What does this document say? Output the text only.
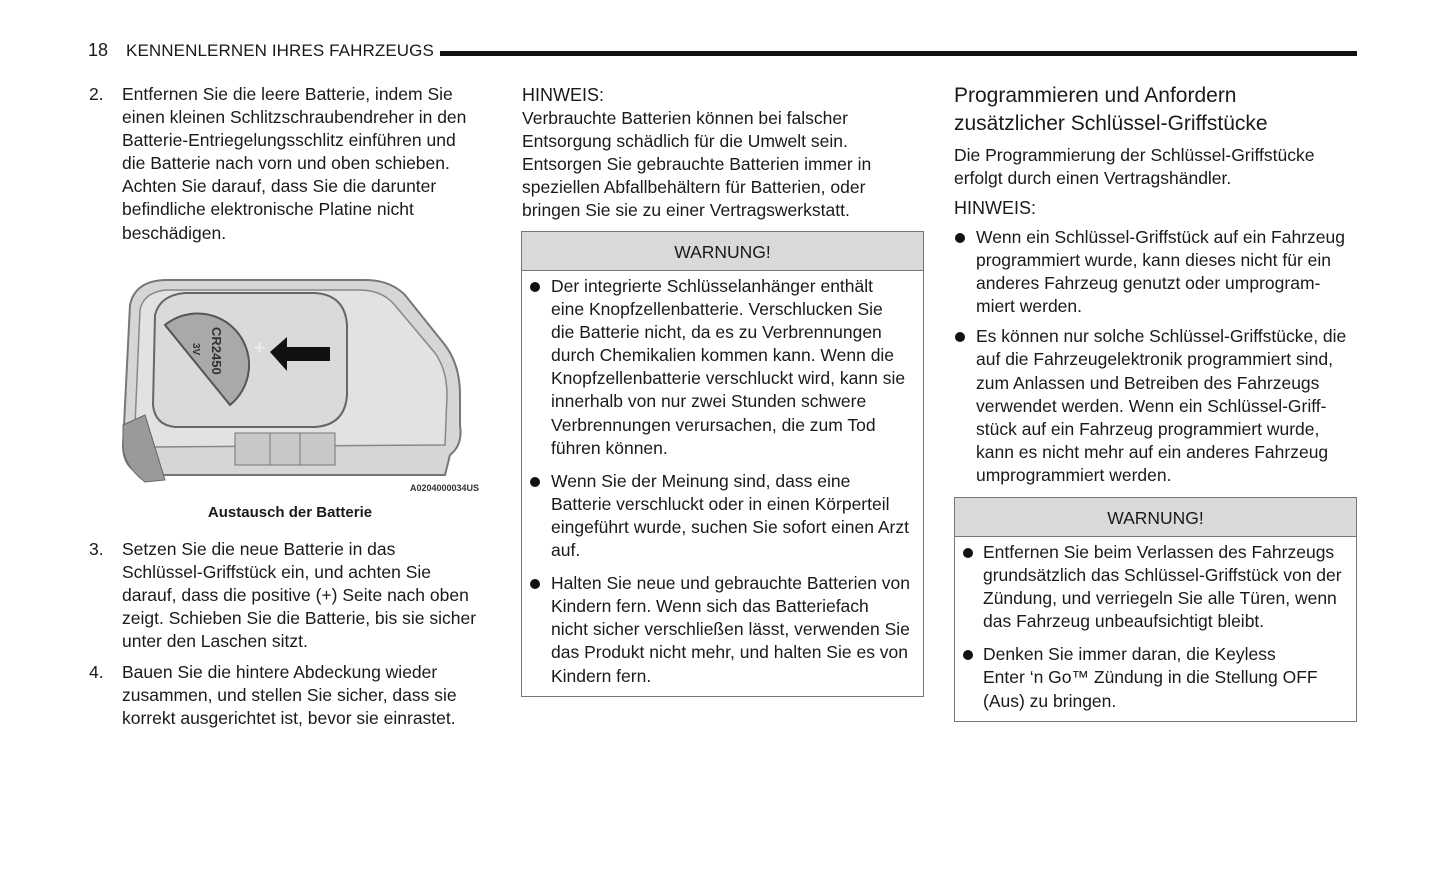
18 KENNENLERNEN IHRES FAHRZEUGS
2.	Entfernen Sie die leere Batterie, indem Sie
einen kleinen Schlitzschraubendreher in den
Batterie-Entriegelungsschlitz einführen und
die Batterie nach vorn und oben schieben.
Achten Sie darauf, dass Sie die darunter
befindliche elektronische Platine nicht
beschädigen.
CR2450
3V +
A0204000034US
Austausch der Batterie
3.	Setzen Sie die neue Batterie in das
Schlüssel-Griffstück ein, und achten Sie
darauf, dass die positive (+) Seite nach oben
zeigt. Schieben Sie die Batterie, bis sie sicher
unter den Laschen sitzt.
4.	Bauen Sie die hintere Abdeckung wieder
zusammen, und stellen Sie sicher, dass sie
korrekt ausgerichtet ist, bevor sie einrastet.
HINWEIS:
Verbrauchte Batterien können bei falscher
Entsorgung schädlich für die Umwelt sein.
Entsorgen Sie gebrauchte Batterien immer in
speziellen Abfallbehältern für Batterien, oder
bringen Sie sie zu einer Vertragswerkstatt.
WARNUNG!
Der integrierte Schlüsselanhänger enthält
eine Knopfzellenbatterie. Verschlucken Sie
die Batterie nicht, da es zu Verbrennungen
durch Chemikalien kommen kann. Wenn die
Knopfzellenbatterie verschluckt wird, kann sie
innerhalb von nur zwei Stunden schwere
Verbrennungen verursachen, die zum Tod
führen können.
Wenn Sie der Meinung sind, dass eine
Batterie verschluckt oder in einen Körperteil
eingeführt wurde, suchen Sie sofort einen Arzt
auf.
Halten Sie neue und gebrauchte Batterien von
Kindern fern. Wenn sich das Batteriefach
nicht sicher verschließen lässt, verwenden Sie
das Produkt nicht mehr, und halten Sie es von
Kindern fern.
Programmieren und Anfordern
zusätzlicher Schlüssel-Griffstücke
Die Programmierung der Schlüssel-Griffstücke
erfolgt durch einen Vertragshändler.
HINWEIS:
Wenn ein Schlüssel-Griffstück auf ein Fahrzeug
programmiert wurde, kann dieses nicht für ein
anderes Fahrzeug genutzt oder umprogram-
miert werden.
Es können nur solche Schlüssel-Griffstücke, die
auf die Fahrzeugelektronik programmiert sind,
zum Anlassen und Betreiben des Fahrzeugs
verwendet werden. Wenn ein Schlüssel-Griff-
stück auf ein Fahrzeug programmiert wurde,
kann es nicht mehr auf ein anderes Fahrzeug
umprogrammiert werden.
WARNUNG!
Entfernen Sie beim Verlassen des Fahrzeugs
grundsätzlich das Schlüssel-Griffstück von der
Zündung, und verriegeln Sie alle Türen, wenn
das Fahrzeug unbeaufsichtigt bleibt.
Denken Sie immer daran, die Keyless
Enter ‘n Go™ Zündung in die Stellung OFF
(Aus) zu bringen.
